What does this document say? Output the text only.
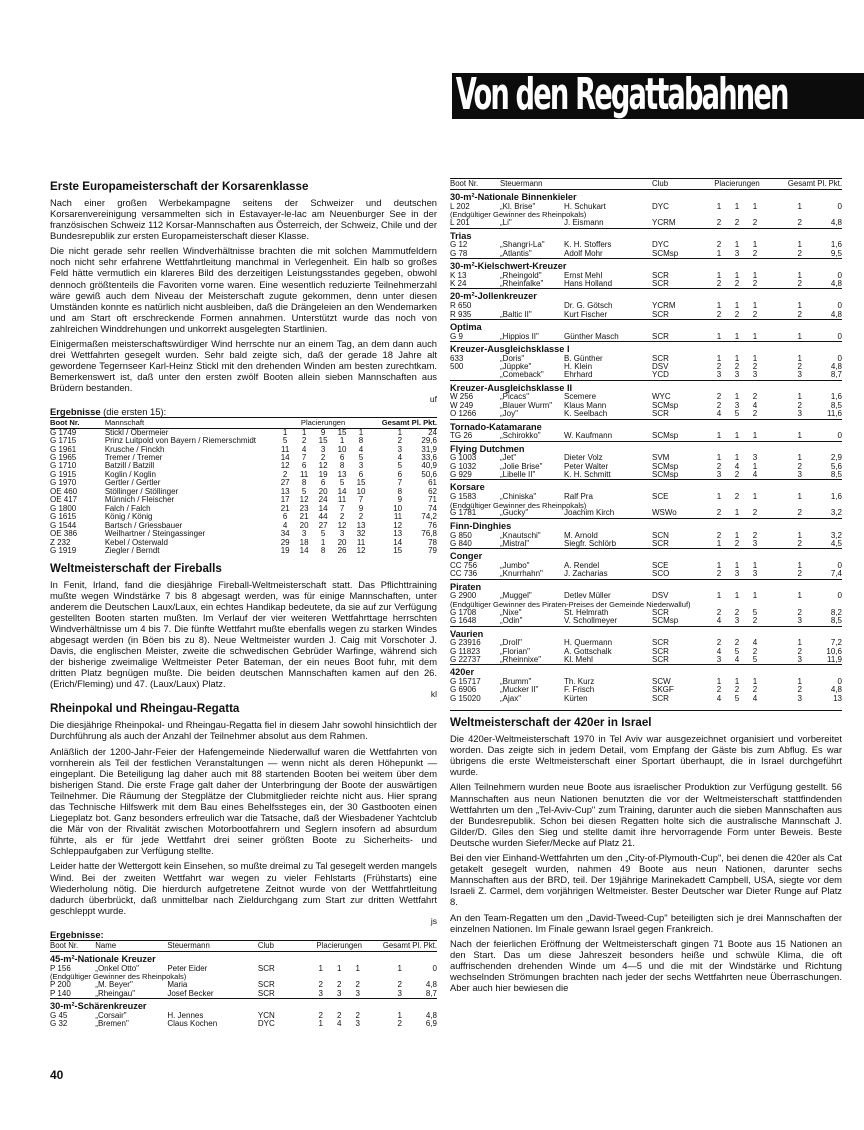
Von den Regattabahnen
Erste Europameisterschaft der Korsarenklasse

Nach einer großen Werbekampagne seitens der Schweizer und deutschen Korsarenvereinigung versammelten sich in Estavayer-le-lac am Neuenburger See in der französischen Schweiz 112 Korsar-Mannschaften aus Österreich, der Schweiz, Chile und der Bundesrepublik zur ersten Europameisterschaft dieser Klasse.

Die nicht gerade sehr reellen Windverhältnisse brachten die mit solchen Mammutfeldern noch nicht sehr erfahrene Wettfahrtleitung manchmal in Verlegenheit. Ein halb so großes Feld hätte vermutlich ein klareres Bild des derzeitigen Leistungsstandes gegeben, obwohl dennoch größtenteils die Favoriten vorne waren. Eine wesentlich reduzierte Teilnehmerzahl wäre gewiß auch dem Niveau der Meisterschaft zugute gekommen, denn unter diesen Umständen konnte es natürlich nicht ausbleiben, daß die Drängeleien an den Wendemarken und am Start oft erschreckende Formen annahmen. Unterstützt wurde das noch von zahlreichen Winddrehungen und unkorrekt ausgelegten Startlinien.

Einigermaßen meisterschaftswürdiger Wind herrschte nur an einem Tag, an dem dann auch drei Wettfahrten gesegelt wurden. Sehr bald zeigte sich, daß der gerade 18 Jahre alt gewordene Tegernseer Karl-Heinz Stickl mit den drehenden Winden am besten zurechtkam. Bemerkenswert ist, daß unter den ersten zwölf Booten allein sieben Mannschaften aus Brüdern bestanden.

uf
Ergebnisse (die ersten 15):
Boot Nr.	Mannschaft	Placierungen					Gesamt Pl. Pkt.	
G 1749	Stickl / Obermeier	1	1	9	15	1	1	24
G 1715	Prinz Luitpold von Bayern / Riemerschmidt	5	2	15	1	8	2	29,6
G 1961	Krusche / Finckh	11	4	3	10	4	3	31,9
G 1965	Tremer / Tremer	14	7	2	6	5	4	33,6
G 1710	Batzill / Batzill	12	6	12	8	3	5	40,9
G 1915	Koglin / Koglin	2	11	19	13	6	6	50,6
G 1970	Gertler / Gertler	27	8	6	5	15	7	61
OE 460	Stöllinger / Stöllinger	13	5	20	14	10	8	62
OE 417	Münnich / Fleischer	17	12	24	11	7	9	71
G 1800	Falch / Falch	21	23	14	7	9	10	74
G 1615	König / König	6	21	44	2	2	11	74,2
G 1544	Bartsch / Griessbauer	4	20	27	12	13	12	76
OE 386	Weilhartner / Steingassinger	34	3	5	3	32	13	76,8
Z 232	Kebel / Osterwald	29	18	1	20	11	14	78
G 1919	Ziegler / Berndt	19	14	8	26	12	15	79
Weltmeisterschaft der Fireballs

In Fenit, Irland, fand die diesjährige Fireball-Weltmeisterschaft statt. Das Pflichttraining mußte wegen Windstärke 7 bis 8 abgesagt werden, was für einige Mannschaften, unter anderem die Deutschen Laux/Laux, ein echtes Handikap bedeutete, da sie auf zur Verfügung gestellten Booten starten mußten. Im Verlauf der vier weiteren Wettfahrttage herrschten Windverhältnisse um 4 bis 7. Die fünfte Wettfahrt mußte ebenfalls wegen zu starken Windes abgesagt werden (in Böen bis zu 8). Neue Weltmeister wurden J. Caig mit Vorschoter J. Davis, die englischen Meister, zweite die schwedischen Gebrüder Warfinge, während sich der bisherige zweimalige Weltmeister Peter Bateman, der ein neues Boot fuhr, mit dem dritten Platz begnügen mußte. Die beiden deutschen Mannschaften kamen auf den 26. (Erich/Fleming) und 47. (Laux/Laux) Platz.

kl
Rheinpokal und Rheingau-Regatta

Die diesjährige Rheinpokal- und Rheingau-Regatta fiel in diesem Jahr sowohl hinsichtlich der Durchführung als auch der Anzahl der Teilnehmer absolut aus dem Rahmen.

Anläßlich der 1200-Jahr-Feier der Hafengemeinde Niederwalluf waren die Wettfahrten von vornherein als Teil der festlichen Veranstaltungen — wenn nicht als deren Höhepunkt — eingeplant. Die Beteiligung lag daher auch mit 88 startenden Booten bei weitem über dem bisherigen Stand. Die erste Frage galt daher der Unterbringung der Boote der auswärtigen Teilnehmer. Die Räumung der Stegplätze der Clubmitglieder reichte nicht aus. Hier sprang das Technische Hilfswerk mit dem Bau eines Behelfssteges ein, der 30 Gastbooten einen Liegeplatz bot. Ganz besonders erfreulich war die Tatsache, daß der Wiesbadener Yachtclub die Mär von der Rivalität zwischen Motorbootfahrern und Seglern insofern ad absurdum führte, als er für jede Wettfahrt drei seiner größten Boote zu Sicherheits- und Schleppaufgaben zur Verfügung stellte.

Leider hatte der Wettergott kein Einsehen, so mußte dreimal zu Tal gesegelt werden mangels Wind. Bei der zweiten Wettfahrt war wegen zu vieler Fehlstarts (Frühstarts) eine Wiederholung nötig. Die hierdurch aufgetretene Zeitnot wurde von der Wettfahrtleitung dadurch überbrückt, daß unmittelbar nach Zieldurchgang zum Start zur dritten Wettfahrt geschleppt wurde.

js
Ergebnisse:
Boot Nr.	Name	Steuermann	Club	Placierungen			Gesamt Pl. Pkt.	
45-m²-Nationale Kreuzer								
P 156	„Onkel Otto"	Peter Eider	SCR	1	1	1	1	0
(Endgültiger Gewinner des Rheinpokals)								
P 200	„M. Beyer"	Maria	SCR	2	2	2	2	4,8
P 140	„Rheingau"	Josef Becker	SCR	3	3	3	3	8,7
30-m²-Schärenkreuzer								
G 45	„Corsair"	H. Jennes	YCN	2	2	2	1	4,8
G 32	„Bremen"	Claus Kochen	DYC	1	4	3	2	6,9
Boot Nr.	Steuermann		Club	Placierungen			Gesamt Pl. Pkt.	
30-m²-Nationale Binnenkieler								
L 202	„Kl. Brise"	H. Schukart	DYC	1	1	1	1	0
(Endgültiger Gewinner des Rheinpokals)								
L 201	„Li"	J. Eismann	YCRM	2	2	2	2	4,8
Trias								
G 12	„Shangri-La"	K. H. Stoffers	DYC	2	1	1	1	1,6
G 78	„Atlantis"	Adolf Mohr	SCMsp	1	3	2	2	9,5
30-m²-Kielschwert-Kreuzer								
K 13	„Rheingold"	Ernst Mehl	SCR	1	1	1	1	0
K 24	„Rheinfalke"	Hans Holland	SCR	2	2	2	2	4,8
20-m²-Jollenkreuzer								
R 650		Dr. G. Götsch	YCRM	1	1	1	1	0
R 935	„Baltic II"	Kurt Fischer	SCR	2	2	2	2	4,8
Optima								
G 9	„Hippios II"	Günther Masch	SCR	1	1	1	1	0
Kreuzer-Ausgleichsklasse I								
633	„Doris"	B. Günther	SCR	1	1	1	1	0
500	„Jüppke"	H. Klein	DSV	2	2	2	2	4,8
	„Comeback"	Ehrhard	YCD	3	3	3	3	8,7
Kreuzer-Ausgleichsklasse II								
W 256	„Picacs"	Scemere	WYC	2	1	2	1	1,6
W 249	„Blauer Wurm"	Klaus Mann	SCMsp	2	3	4	2	8,5
O 1266	„Joy"	K. Seelbach	SCR	4	5	2	3	11,6
Tornado-Katamarane								
TG 26	„Schirokko"	W. Kaufmann	SCMsp	1	1	1	1	0
Flying Dutchmen								
G 1003	„Jet"	Dieter Volz	SVM	1	1	3	1	2,9
G 1032	„Jolie Brise"	Peter Walter	SCMsp	2	4	1	2	5,6
G 929	„Libelle II"	K. H. Schmitt	SCMsp	3	2	4	3	8,5
Korsare								
G 1583	„Chiniska"	Ralf Pra	SCE	1	2	1	1	1,6
(Endgültiger Gewinner des Rheinpokals)								
G 1781	„Gucky"	Joachim Kirch	WSWo	2	1	2	2	3,2
Finn-Dinghies								
G 850	„Knautschi"	M. Arnold	SCN	2	1	2	1	3,2
G 840	„Mistral"	Siegfr. Schlörb	SCR	1	2	3	2	4,5
Conger								
CC 756	„Jumbo"	A. Rendel	SCE	1	1	1	1	0
CC 736	„Knurrhahn"	J. Zacharias	SCO	2	3	3	2	7,4
Piraten								
G 2900	„Muggel"	Detlev Müller	DSV	1	1	1	1	0
(Endgültiger Gewinner des Piraten-Preises der Gemeinde Niederwalluf)								
G 1708	„Nixe"	St. Helmrath	SCR	2	2	5	2	8,2
G 1648	„Odin"	V. Schollmeyer	SCMsp	4	3	2	3	8,5
Vaurien								
G 23916	„Droll"	H. Quermann	SCR	2	2	4	1	7,2
G 11823	„Florian"	A. Gottschalk	SCR	4	5	2	2	10,6
G 22737	„Rheinnixe"	Kl. Mehl	SCR	3	4	5	3	11,9
420er								
G 15717	„Brumm"	Th. Kurz	SCW	1	1	1	1	0
G 6906	„Mucker II"	F. Frisch	SKGF	2	2	2	2	4,8
G 15020	„Ajax"	Kürten	SCR	4	5	4	3	13
Weltmeisterschaft der 420er in Israel

Die 420er-Weltmeisterschaft 1970 in Tel Aviv war ausgezeichnet organisiert und vorbereitet worden. Das zeigte sich in jedem Detail, vom Empfang der Gäste bis zum Abflug. Es war übrigens die erste Weltmeisterschaft einer Sportart überhaupt, die in Israel durchgeführt wurde.

Allen Teilnehmern wurden neue Boote aus israelischer Produktion zur Verfügung gestellt. 56 Mannschaften aus neun Nationen benutzten die vor der Weltmeisterschaft stattfindenden Wettfahrten um den „Tel-Aviv-Cup" zum Training, darunter auch die sieben Mannschaften aus der Bundesrepublik. Schon bei diesen Regatten holte sich die australische Mannschaft J. Gilder/D. Giles den Sieg und stellte damit ihre hervorragende Form unter Beweis. Beste Deutsche wurden Siefer/Mecke auf Platz 21.

Bei den vier Einhand-Wettfahrten um den „City-of-Plymouth-Cup", bei denen die 420er als Cat getakelt gesegelt wurden, nahmen 49 Boote aus neun Nationen, darunter sechs Mannschaften aus der BRD, teil. Der 19jährige Marinekadett Campbell, USA, siegte vor dem Israeli Z. Carmel, dem vorjährigen Weltmeister. Bester Deutscher war Dieter Runge auf Platz 8.

An den Team-Regatten um den „David-Tweed-Cup" beteiligten sich je drei Mannschaften der einzelnen Nationen. Im Finale gewann Israel gegen Frankreich.

Nach der feierlichen Eröffnung der Weltmeisterschaft gingen 71 Boote aus 15 Nationen an den Start. Das um diese Jahreszeit besonders heiße und schwüle Klima, die oft auffrischenden drehenden Winde um 4—5 und die mit der Windstärke und Richtung wechselnden Strömungen brachten nach jeder der sechs Wettfahrten neue Überraschungen. Aber auch hier bewiesen die

40
